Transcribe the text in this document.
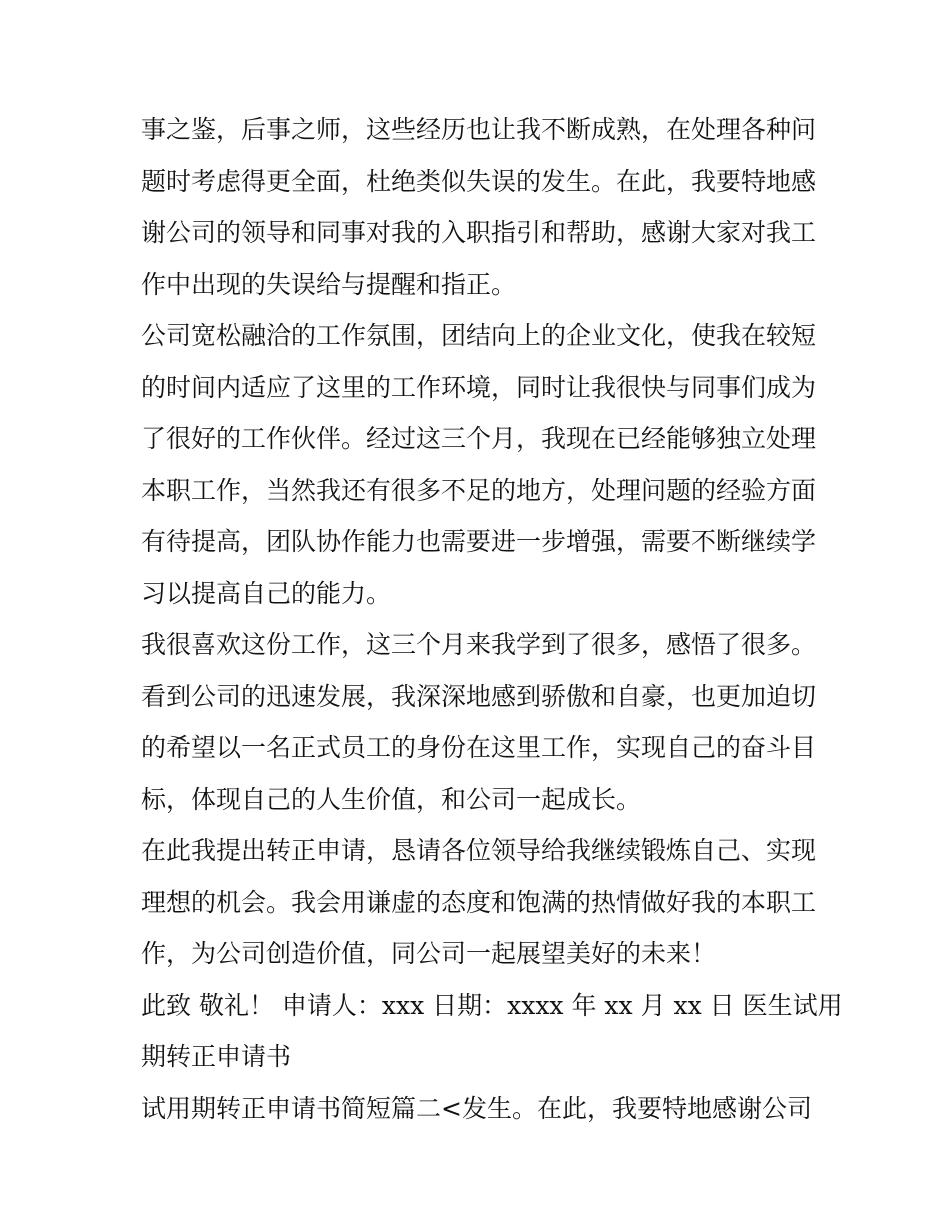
事之鉴，后事之师，这些经历也让我不断成熟，在处理各种问
题时考虑得更全面，杜绝类似失误的发生。在此，我要特地感
谢公司的领导和同事对我的入职指引和帮助，感谢大家对我工
作中出现的失误给与提醒和指正。
公司宽松融洽的工作氛围，团结向上的企业文化，使我在较短
的时间内适应了这里的工作环境，同时让我很快与同事们成为
了很好的工作伙伴。经过这三个月，我现在已经能够独立处理
本职工作，当然我还有很多不足的地方，处理问题的经验方面
有待提高，团队协作能力也需要进一步增强，需要不断继续学
习以提高自己的能力。
我很喜欢这份工作，这三个月来我学到了很多，感悟了很多。
看到公司的迅速发展，我深深地感到骄傲和自豪，也更加迫切
的希望以一名正式员工的身份在这里工作，实现自己的奋斗目
标，体现自己的人生价值，和公司一起成长。
在此我提出转正申请，恳请各位领导给我继续锻炼自己、实现
理想的机会。我会用谦虚的态度和饱满的热情做好我的本职工
作，为公司创造价值，同公司一起展望美好的未来！
此致 敬礼！ 申请人：xxx 日期：xxxx 年 xx 月 xx 日 医生试用
期转正申请书
试用期转正申请书简短篇二<发生。在此，我要特地感谢公司
